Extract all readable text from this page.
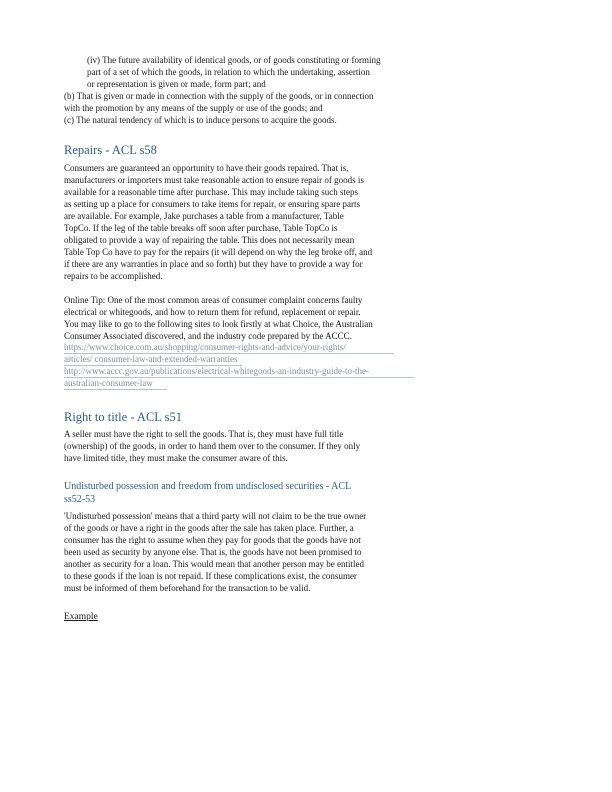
(iv) The future availability of identical goods, or of goods constituting or forming
part of a set of which the goods, in relation to which the undertaking, assertion
or representation is given or made, form part; and
(b) That is given or made in connection with the supply of the goods, or in connection
with the promotion by any means of the supply or use of the goods; and
(c) The natural tendency of which is to induce persons to acquire the goods.
Repairs - ACL s58
Consumers are guaranteed an opportunity to have their goods repaired. That is,
manufacturers or importers must take reasonable action to ensure repair of goods is
available for a reasonable time after purchase. This may include taking such steps
as setting up a place for consumers to take items for repair, or ensuring spare parts
are available. For example, Jake purchases a table from a manufacturer, Table
TopCo. If the leg of the table breaks off soon after purchase, Table TopCo is
obligated to provide a way of repairing the table. This does not necessarily mean
Table Top Co have to pay for the repairs (it will depend on why the leg broke off, and
if there are any warranties in place and so forth) but they have to provide a way for
repairs to be accomplished.
Online Tip: One of the most common areas of consumer complaint concerns faulty
electrical or whitegoods, and how to return them for refund, replacement or repair.
You may like to go to the following sites to look firstly at what Choice, the Australian
Consumer Associated discovered, and the industry code prepared by the ACCC.
https://www.choice.com.au/shopping/consumer-rights-and-advice/your-rights/
articles/ consumer-law-and-extended-warranties
http://www.accc.gov.au/publications/electrical-whitegoods-an-industry-guide-to-the-
australian-consumer-law
Right to title - ACL s51
A seller must have the right to sell the goods. That is, they must have full title
(ownership) of the goods, in order to hand them over to the consumer. If they only
have limited title, they must make the consumer aware of this.
Undisturbed possession and freedom from undisclosed securities - ACL
ss52-53
'Undisturbed possession' means that a third party will not claim to be the true owner
of the goods or have a right in the goods after the sale has taken place. Further, a
consumer has the right to assume when they pay for goods that the goods have not
been used as security by anyone else. That is, the goods have not been promised to
another as security for a loan. This would mean that another person may be entitled
to these goods if the loan is not repaid. If these complications exist, the consumer
must be informed of them beforehand for the transaction to be valid.
Example
